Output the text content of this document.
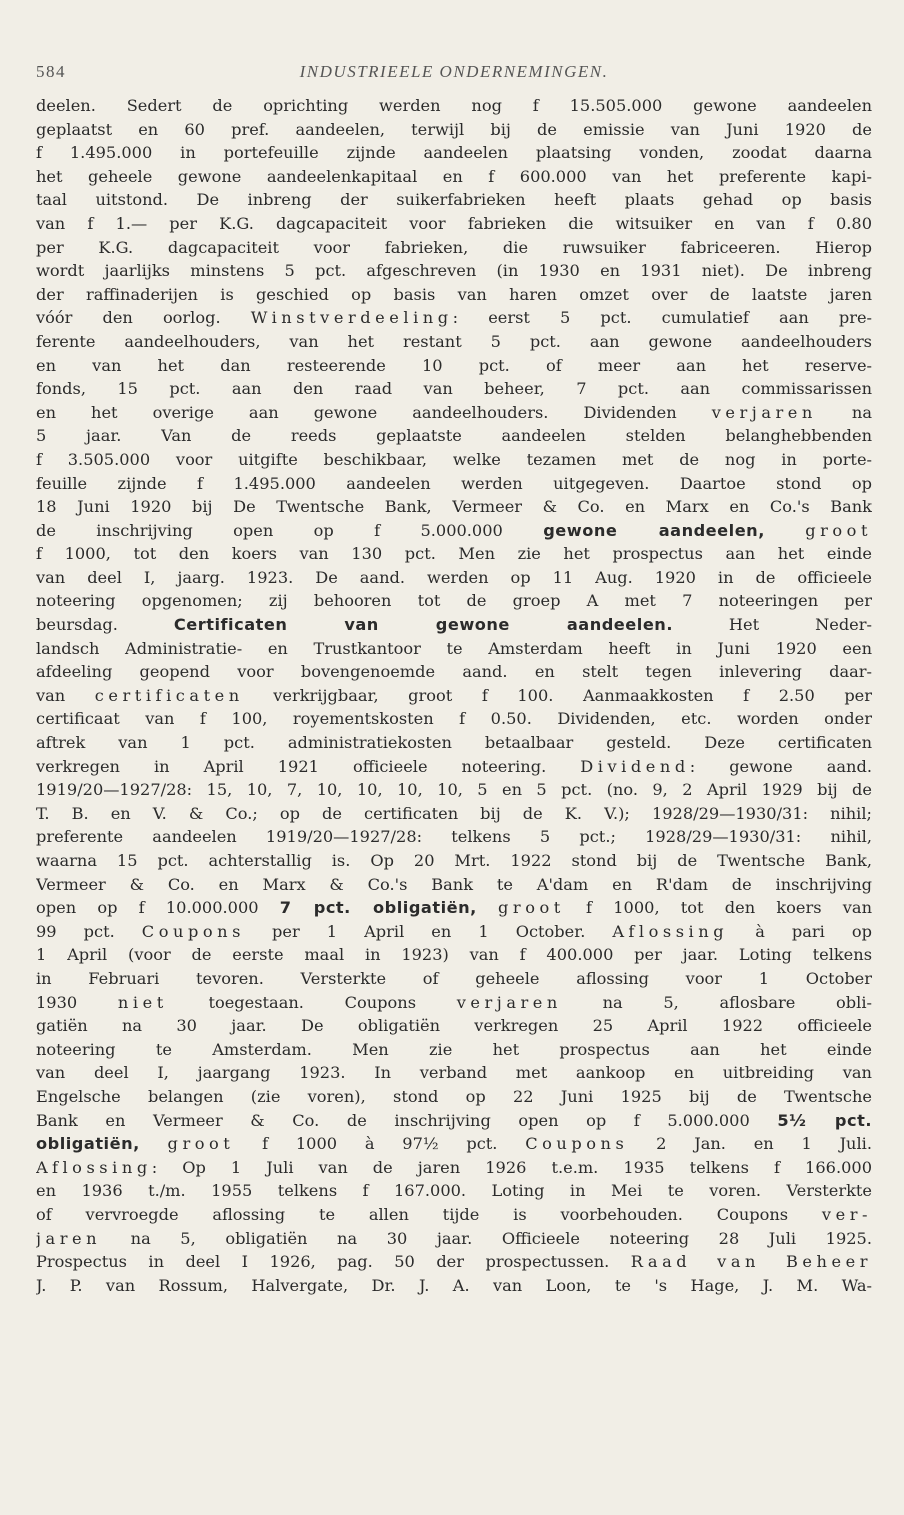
584	INDUSTRIEELE ONDERNEMINGEN.
deelen. Sedert de oprichting werden nog f 15.505.000 gewone aandeelen
geplaatst en 60 pref. aandeelen, terwijl bij de emissie van Juni 1920 de
f 1.495.000 in portefeuille zijnde aandeelen plaatsing vonden, zoodat daarna
het geheele gewone aandeelenkapitaal en f 600.000 van het preferente kapi-
taal uitstond. De inbreng der suikerfabrieken heeft plaats gehad op basis
van f 1.— per K.G. dagcapaciteit voor fabrieken die witsuiker en van f 0.80
per K.G. dagcapaciteit voor fabrieken, die ruwsuiker fabriceeren. Hierop
wordt jaarlijks minstens 5 pct. afgeschreven (in 1930 en 1931 niet). De inbreng
der raffinaderijen is geschied op basis van haren omzet over de laatste jaren
vóór den oorlog. Winstverdeeling: eerst 5 pct. cumulatief aan pre-
ferente aandeelhouders, van het restant 5 pct. aan gewone aandeelhouders
en van het dan resteerende 10 pct. of meer aan het reserve-
fonds, 15 pct. aan den raad van beheer, 7 pct. aan commissarissen
en het overige aan gewone aandeelhouders. Dividenden verjaren na
5 jaar. Van de reeds geplaatste aandeelen stelden belanghebbenden
f 3.505.000 voor uitgifte beschikbaar, welke tezamen met de nog in porte-
feuille zijnde f 1.495.000 aandeelen werden uitgegeven. Daartoe stond op
18 Juni 1920 bij De Twentsche Bank, Vermeer & Co. en Marx en Co.'s Bank
de inschrijving open op f 5.000.000 gewone aandeelen, groot
f 1000, tot den koers van 130 pct. Men zie het prospectus aan het einde
van deel I, jaarg. 1923. De aand. werden op 11 Aug. 1920 in de officieele
noteering opgenomen; zij behooren tot de groep A met 7 noteeringen per
beursdag. Certificaten van gewone aandeelen. Het Neder-
landsch Administratie- en Trustkantoor te Amsterdam heeft in Juni 1920 een
afdeeling geopend voor bovengenoemde aand. en stelt tegen inlevering daar-
van certificaten verkrijgbaar, groot f 100. Aanmaakkosten f 2.50 per
certificaat van f 100, royementskosten f 0.50. Dividenden, etc. worden onder
aftrek van 1 pct. administratiekosten betaalbaar gesteld. Deze certificaten
verkregen in April 1921 officieele noteering. Dividend: gewone aand.
1919/20—1927/28: 15, 10, 7, 10, 10, 10, 10, 5 en 5 pct. (no. 9, 2 April 1929 bij de
T. B. en V. & Co.; op de certificaten bij de K. V.); 1928/29—1930/31: nihil;
preferente aandeelen 1919/20—1927/28: telkens 5 pct.; 1928/29—1930/31: nihil,
waarna 15 pct. achterstallig is. Op 20 Mrt. 1922 stond bij de Twentsche Bank,
Vermeer & Co. en Marx & Co.'s Bank te A'dam en R'dam de inschrijving
open op f 10.000.000 7 pct. obligatiën, groot f 1000, tot den koers van
99 pct. Coupons per 1 April en 1 October. Aflossing à pari op
1 April (voor de eerste maal in 1923) van f 400.000 per jaar. Loting telkens
in Februari tevoren. Versterkte of geheele aflossing voor 1 October
1930 niet toegestaan. Coupons verjaren na 5, aflosbare obli-
gatiën na 30 jaar. De obligatiën verkregen 25 April 1922 officieele
noteering te Amsterdam. Men zie het prospectus aan het einde
van deel I, jaargang 1923. In verband met aankoop en uitbreiding van
Engelsche belangen (zie voren), stond op 22 Juni 1925 bij de Twentsche
Bank en Vermeer & Co. de inschrijving open op f 5.000.000 5½ pct.
obligatiën, groot f 1000 à 97½ pct. Coupons 2 Jan. en 1 Juli.
Aflossing: Op 1 Juli van de jaren 1926 t.e.m. 1935 telkens f 166.000
en 1936 t./m. 1955 telkens f 167.000. Loting in Mei te voren. Versterkte
of vervroegde aflossing te allen tijde is voorbehouden. Coupons ver-
jaren na 5, obligatiën na 30 jaar. Officieele noteering 28 Juli 1925.
Prospectus in deel I 1926, pag. 50 der prospectussen. Raad van Beheer
J. P. van Rossum, Halvergate, Dr. J. A. van Loon, te 's Hage, J. M. Wa-
